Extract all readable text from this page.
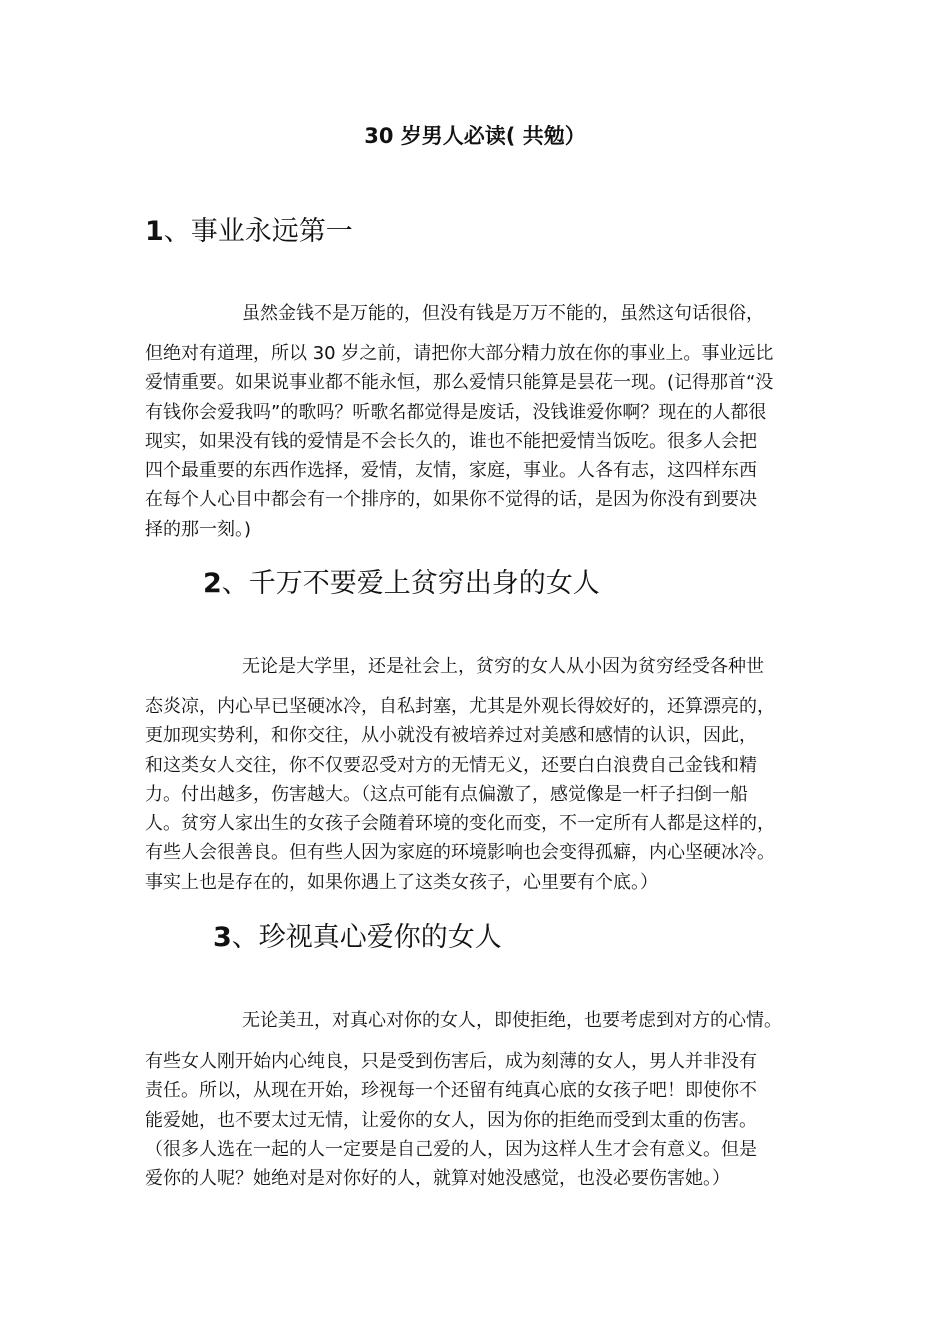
30 岁男人必读( 共勉）
1、事业永远第一

虽然金钱不是万能的，但没有钱是万万不能的，虽然这句话很俗，

但绝对有道理，所以 30 岁之前，请把你大部分精力放在你的事业上。事业远比
爱情重要。如果说事业都不能永恒，那么爱情只能算是昙花一现。(记得那首“没
有钱你会爱我吗”的歌吗？听歌名都觉得是废话，没钱谁爱你啊？现在的人都很
现实，如果没有钱的爱情是不会长久的，谁也不能把爱情当饭吃。很多人会把
四个最重要的东西作选择，爱情，友情，家庭，事业。人各有志，这四样东西
在每个人心目中都会有一个排序的，如果你不觉得的话，是因为你没有到要决
择的那一刻。)
2、千万不要爱上贫穷出身的女人

无论是大学里，还是社会上，贫穷的女人从小因为贫穷经受各种世

态炎凉，内心早已坚硬冰冷，自私封塞，尤其是外观长得姣好的，还算漂亮的，
更加现实势利，和你交往，从小就没有被培养过对美感和感情的认识，因此，
和这类女人交往，你不仅要忍受对方的无情无义，还要白白浪费自己金钱和精
力。付出越多，伤害越大。（这点可能有点偏激了，感觉像是一杆子扫倒一船
人。贫穷人家出生的女孩子会随着环境的变化而变，不一定所有人都是这样的，
有些人会很善良。但有些人因为家庭的环境影响也会变得孤癖，内心坚硬冰冷。
事实上也是存在的，如果你遇上了这类女孩子，心里要有个底。）
3、珍视真心爱你的女人

无论美丑，对真心对你的女人，即使拒绝，也要考虑到对方的心情。

有些女人刚开始内心纯良，只是受到伤害后，成为刻薄的女人，男人并非没有
责任。所以，从现在开始，珍视每一个还留有纯真心底的女孩子吧！即使你不
能爱她，也不要太过无情，让爱你的女人，因为你的拒绝而受到太重的伤害。
（很多人选在一起的人一定要是自己爱的人，因为这样人生才会有意义。但是
爱你的人呢？她绝对是对你好的人，就算对她没感觉，也没必要伤害她。）
